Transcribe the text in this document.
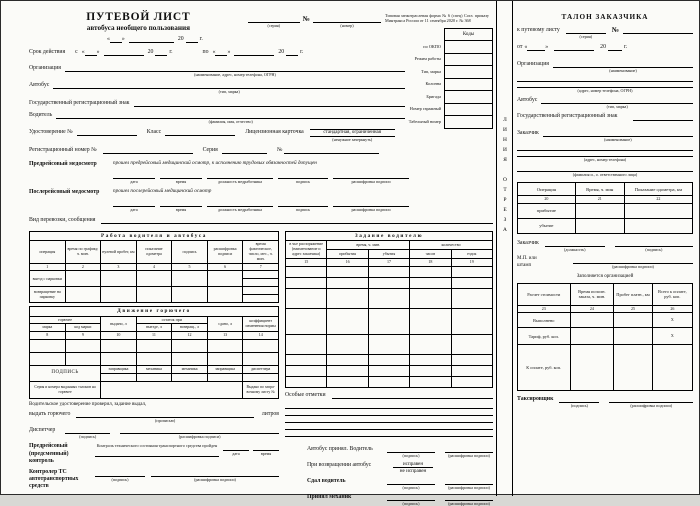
Типовая межотраслевая форма № 6 (спец) Согл. приказу Минтранса России от 11 сентября 2020 г. № 368
	Коды
по ОКПО	
Режим работы	
Тип, марка	
Колонна	
Бригада	
Номер гаражный	
Табельный номер	
ПУТЕВОЙ ЛИСТ
автобуса необщего пользования	(серия)
№
(номер)
« »	20	г.
Срок действия с « »	20	г.	по « »	20	г.
Организация
(наименование, адрес, номер телефона, ОГРН)
Автобус
(тип, марка)
Государственный регистрационный знак
Водитель
(фамилия, имя, отчество)
Удостоверение №	Класс	Лицензионная карточка	стандартная, ограниченная
(ненужное зачеркнуть)
Регистрационный номер №	Серия	№
Предрейсовый медосмотр	прошел предрейсовый медицинский осмотр, к исполнению трудовых обязанностей допущен
дата	время	должность медработника	подпись	расшифровка подписи
Послерейсовый медосмотр	прошел послерейсовый медицинский осмотр
дата	время	должность медработника	подпись	расшифровка подписи
Вид перевозки, сообщения
Работа водителя и автобуса						
операция	время по графику, ч. мин.	нулевой пробег, км	показание одометра	подпись	расшифровка подписи	время фактическое, число, мес., ч. мин.
1	2	3	4	5	6	7
выезд с парковки						

возвращение на парковку						

Движение горючего						
горючее		выдано, л	остаток при		сдано, л	коэффициент изменения нормы
марка	код марки		выезде, л	возвращ., л		
8	9	10	11	12	13	14

ПОДПИСЬ		заправщика	механика	механика	заправщика	диспетчера

Серия и номера выданных талонов на горючее						Выдано по запра- вочному листу №
Водительское удостоверение проверил, задание выдал,
выдать горючего
(прописью)
литров
Диспетчер
(подпись)	(расшифровка подписи)
Предрейсовый (предсменный) контроль
Контроль технического состояния транспортного средства пройден
дата	время
Контролер ТС автотранспортных средств
(подпись)	(расшифровка подписи)
Задание водителю				
в чье распоряжение (наименование и адрес заказчика)	время, ч. мин.		количество	
	прибытия	убытия	часов	ездок
15	16	17	18	19

Особые отметки
Автобус принял. Водитель
(подпись)	(расшифровка подписи)
При возвращении автобус	исправен
не исправен
Сдал водитель
(подпись)	(расшифровка подписи)
Принял механик
(подпись)	(расшифровка подписи)
ЛИНИЯ ОТРЕЗА
ТАЛОН ЗАКАЗЧИКА
к путевому листу
(серия)
№
от «	»	20	г.
Организация
(наименование)
(адрес, номер телефона, ОГРН)
Автобус
(тип, марка)
Государственный регистрационный знак
Заказчик
(наименование)
(адрес, номер телефона)
(фамилия и., о. ответственного лица)
Операция	Время, ч. мин	Показание одометра, км
20	21	22
прибытие		
убытие		
Заказчик
(должность)	(подпись)
М.П. или штамп	(расшифровка подписи)
Заполняется организацией
Расчет стоимости	Время исполн. заказа, ч. мин.	Пробег платн., км	Всего к оплате, руб. коп.
23	24	25	26
Выполнено			X
Тариф, руб. коп.			X
К оплате, руб. коп.			
Таксировщик
(подпись)	(расшифровка подписи)
